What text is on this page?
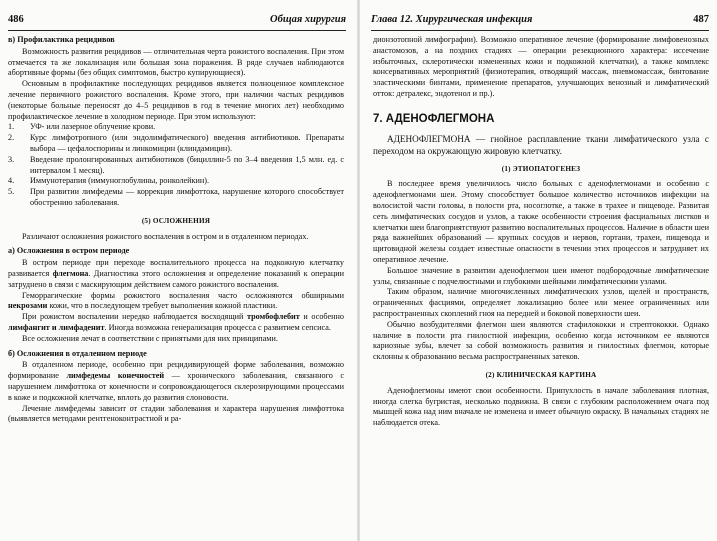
486	Общая хирургия
в) Профилактика рецидивов

Возможность развития рецидивов — отличительная черта рожистого воспаления. При этом отмечается та же локализация или большая зона поражения. В ряде случаев наблюдаются абортивные формы (без общих симптомов, быстро купирующиеся).

Основным в профилактике последующих рецидивов является полноценное комплексное лечение первичного рожистого воспаления. Кроме этого, при наличии частых рецидивов (некоторые больные переносят до 4–5 рецидивов в год в течение многих лет) необходимо профилактическое лечение в холодном периоде. При этом используют:

1. УФ- или лазерное облучение крови.
2. Курс лимфотропного (или эндолимфатического) введения антибиотиков. Препараты выбора — цефалоспорины и линкомицин (клиндамицин).
3. Введение пролонгированных антибиотиков (бициллин-5 по 3–4 введения 1,5 млн. ед. с интервалом 1 месяц).
4. Иммунотерапия (иммуноглобулины, ронколейкин).
5. При развитии лимфедемы — коррекция лимфоттока, нарушение которого способствует обострению заболевания.
(5) ОСЛОЖНЕНИЯ

Различают осложнения рожистого воспаления в остром и в отдаленном периодах.

а) Осложнения в остром периоде

В остром периоде при переходе воспалительного процесса на подкожную клетчатку развивается флегмона. Диагностика этого осложнения и определение показаний к операции затруднено в связи с маскирующим действием самого рожистого воспаления.

Геморрагические формы рожистого воспаления часто осложняются обширными некрозами кожи, что в последующем требует выполнения кожной пластики.

При рожистом воспалении нередко наблюдается восходящий тромбофлебит и особенно лимфангит и лимфаденит. Иногда возможна генерализация процесса с развитием сепсиса.

Все осложнения лечат в соответствии с принятыми для них принципами.

б) Осложнения в отдаленном периоде

В отдаленном периоде, особенно при рецидивирующей форме заболевания, возможно формирование лимфедемы конечностей — хронического заболевания, связанного с нарушением лимфоттока от конечности и сопровождающегося склерозирующими процессами в коже и подкожной клетчатке, вплоть до развития слоновости.

Лечение лимфедемы зависит от стадии заболевания и характера нарушения лимфоттока (выявляется методами рентгеноконтрастной и ра-

Глава 12. Хирургическая инфекция	487

дионзотопной лимфографии). Возможно оперативное лечение (формирование лимфовенозных анастомозов, а на поздних стадиях — операции резекционного характера: иссечение избыточных, склеротически измененных кожи и подкожной клетчатки), а также комплекс консервативных мероприятий (физиотерапия, отводящий массаж, пневмомассаж, бинтование эластическими бинтами, применение препаратов, улучшающих венозный и лимфатический отток: детралекс, эндотенол и пр.).

7. АДЕНОФЛЕГМОНА

АДЕНОФЛЕГМОНА — гнойное расплавление ткани лимфатического узла с переходом на окружающую жировую клетчатку.

(1) ЭТИОПАТОГЕНЕЗ

В последнее время увеличилось число больных с аденофлегмонами и особенно с аденофлегмонами шеи. Этому способствует большое количество источников инфекции на волосистой части головы, в полости рта, носоглотке, а также в трахее и пищеводе. Развитая сеть лимфатических сосудов и узлов, а также особенности строения фасциальных листков и клетчатки шеи благоприятствуют развитию воспалительных процессов. Наличие в области шеи ряда важнейших образований — крупных сосудов и нервов, гортани, трахеи, пищевода и щитовидной железы создает известные опасности в течении этих процессов и затрудняет их оперативное лечение.

Большое значение в развитии аденофлегмон шеи имеют подбородочные лимфатические узлы, связанные с подчелюстными и глубокими шейными лимфатическими узлами.

Таким образом, наличие многочисленных лимфатических узлов, щелей и пространств, ограниченных фасциями, определяет локализацию более или менее ограниченных или распространенных скоплений гноя на передней и боковой поверхности шеи.

Обычно возбудителями флегмон шеи являются стафилококки и стрептококки. Однако наличие в полости рта гнилостной инфекции, особенно когда источником ее являются кариозные зубы, влечет за собой возможность развития и гнилостных флегмон, которые склонны к образованию весьма распространенных затеков.

(2) КЛИНИЧЕСКАЯ КАРТИНА

Аденофлегмоны имеют свои особенности. Припухлость в начале заболевания плотная, иногда слегка бугристая, несколько подвижна. В связи с глубоким расположением очага под мышцей кожа над ним вначале не изменена и имеет обычную окраску. В начальных стадиях не наблюдается отека.
